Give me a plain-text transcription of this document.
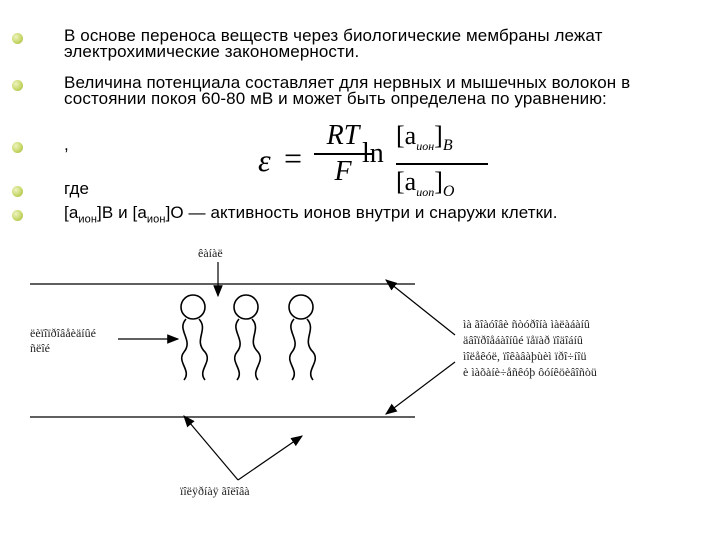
В основе переноса веществ через биологические мембраны лежат электрохимические закономерности.
Величина потенциала составляет для нервных и мышечных волокон в состоянии покоя 60‑80 мВ и может быть определена по уравнению:
,
где
$[a_{ион}]В$ и $[a_{ион}]О$ — активность ионов внутри и снаружи клетки.
ε =
RT
F
ln
$[a_{ион}]_B$
$[a_{иоп}]_O$
êàíàë
ëèïîïðîâåèäíûé
ñëîé
ìà ãîàóîâè ñòóðîíà ìàëàáàíû
äâîïðîåáàîíûé ïåïàð ïîäîáíû
ìîëåêóë, ïîêàâàþùèì ïðî÷íîü
è ìàõàíè÷åñêóþ ôóíêöèâîñòü
ïîëÿðíàÿ ãîëîâà
